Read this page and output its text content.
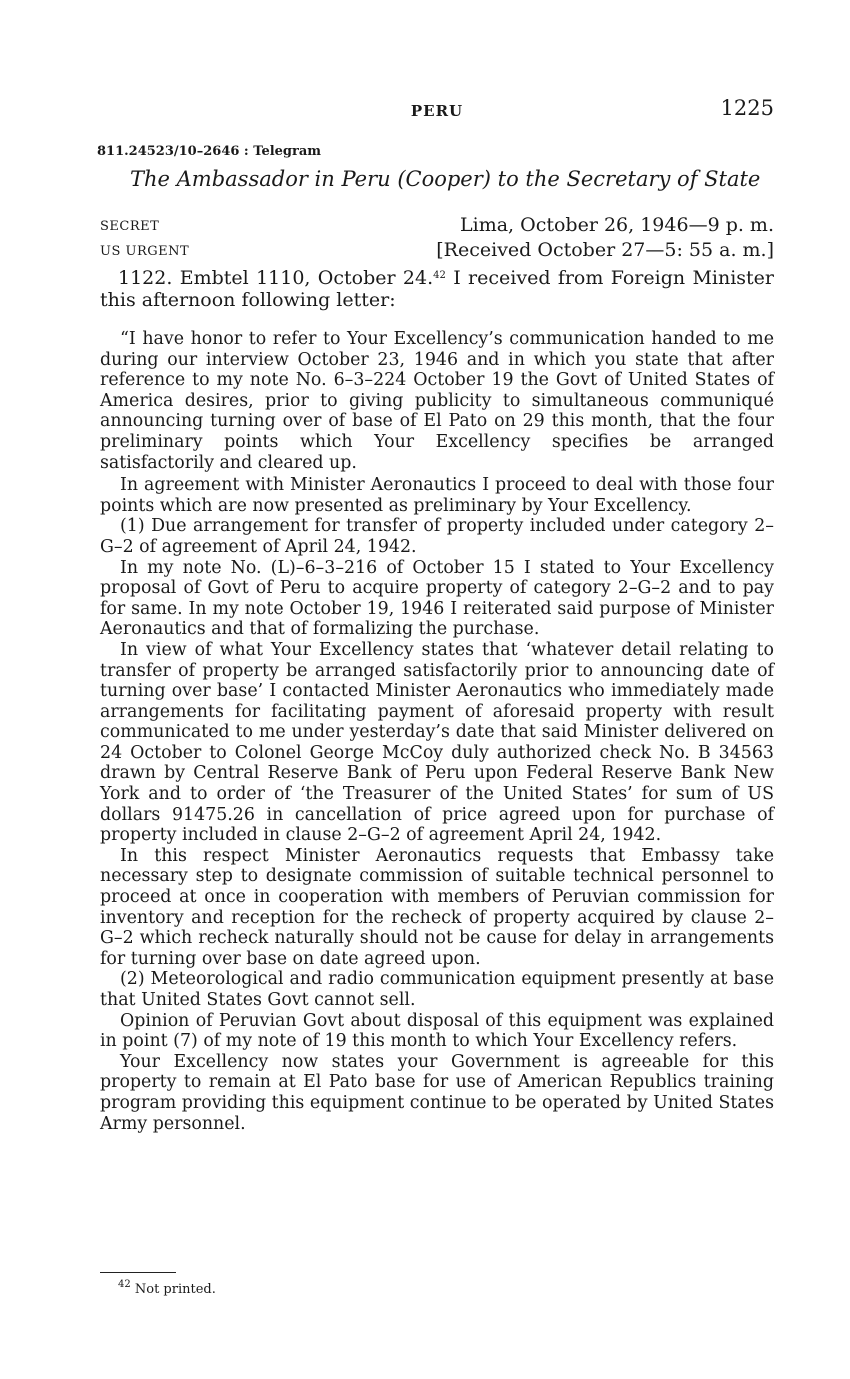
PERU	1225
811.24523/10–2646 : Telegram
The Ambassador in Peru (Cooper) to the Secretary of State
SECRET	Lima, October 26, 1946—9 p. m.
US URGENT	[Received October 27—5: 55 a. m.]

1122. Embtel 1110, October 24.42 I received from Foreign Minister this afternoon following letter:

“I have honor to refer to Your Excellency’s communication handed to me during our interview October 23, 1946 and in which you state that after reference to my note No. 6–3–224 October 19 the Govt of United States of America desires, prior to giving publicity to simultaneous communiqué announcing turning over of base of El Pato on 29 this month, that the four preliminary points which Your Excellency specifies be arranged satisfactorily and cleared up.

In agreement with Minister Aeronautics I proceed to deal with those four points which are now presented as preliminary by Your Excellency.

(1) Due arrangement for transfer of property included under category 2–G–2 of agreement of April 24, 1942.

In my note No. (L)–6–3–216 of October 15 I stated to Your Excellency proposal of Govt of Peru to acquire property of category 2–G–2 and to pay for same. In my note October 19, 1946 I reiterated said purpose of Minister Aeronautics and that of formalizing the purchase.

In view of what Your Excellency states that ‘whatever detail relating to transfer of property be arranged satisfactorily prior to announcing date of turning over base’ I contacted Minister Aeronautics who immediately made arrangements for facilitating payment of aforesaid property with result communicated to me under yesterday’s date that said Minister delivered on 24 October to Colonel George McCoy duly authorized check No. B 34563 drawn by Central Reserve Bank of Peru upon Federal Reserve Bank New York and to order of ‘the Treasurer of the United States’ for sum of US dollars 91475.26 in cancellation of price agreed upon for purchase of property included in clause 2–G–2 of agreement April 24, 1942.

In this respect Minister Aeronautics requests that Embassy take necessary step to designate commission of suitable technical personnel to proceed at once in cooperation with members of Peruvian commission for inventory and reception for the recheck of property acquired by clause 2–G–2 which recheck naturally should not be cause for delay in arrangements for turning over base on date agreed upon.

(2) Meteorological and radio communication equipment presently at base that United States Govt cannot sell.

Opinion of Peruvian Govt about disposal of this equipment was explained in point (7) of my note of 19 this month to which Your Excellency refers.

Your Excellency now states your Government is agreeable for this property to remain at El Pato base for use of American Republics training program providing this equipment continue to be operated by United States Army personnel.

$^{42}$ Not printed.
